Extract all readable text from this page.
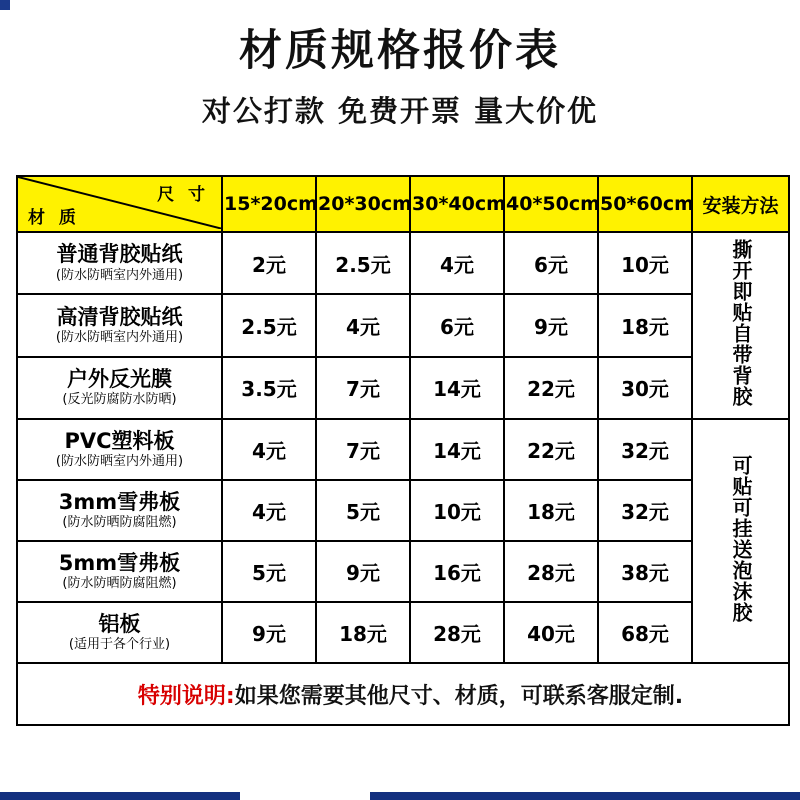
材质规格报价表
对公打款 免费开票 量大价优
尺 寸
材 质	15*20cm	20*30cm	30*40cm	40*50cm	50*60cm	安装方法

普通背胶贴纸
(防水防晒室内外通用)	2元	2.5元	4元	6元	10元	撕开即贴自带背胶

高清背胶贴纸
(防水防晒室内外通用)	2.5元	4元	6元	9元	18元	

户外反光膜
(反光防腐防水防晒)	3.5元	7元	14元	22元	30元	

PVC塑料板
(防水防晒室内外通用)	4元	7元	14元	22元	32元	可贴可挂送泡沫胶

3mm雪弗板
(防水防晒防腐阻燃)	4元	5元	10元	18元	32元	

5mm雪弗板
(防水防晒防腐阻燃)	5元	9元	16元	28元	38元	

铝板
(适用于各个行业)	9元	18元	28元	40元	68元	
特别说明:如果您需要其他尺寸、材质，可联系客服定制.						
